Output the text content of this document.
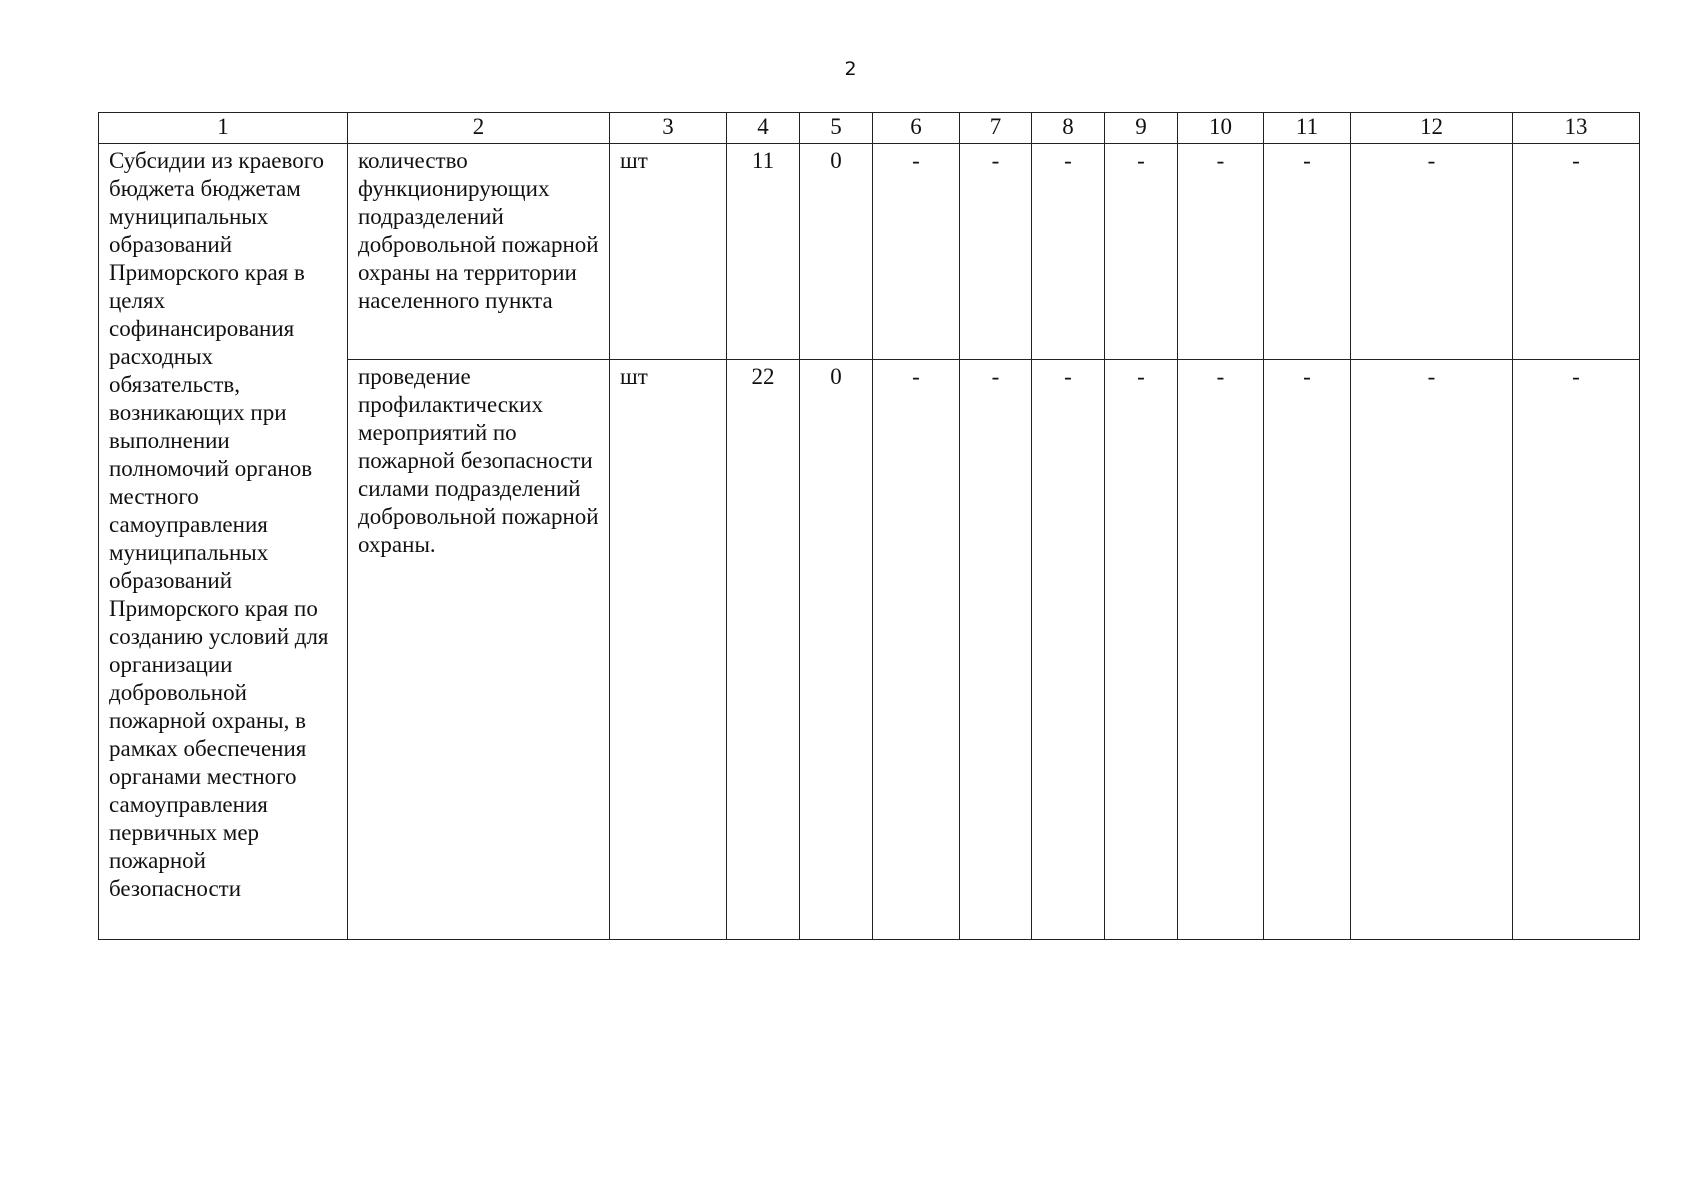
2
1	2	3	4	5	6	7	8	9	10	11	12	13
Субсидии из краевого бюджета бюджетам муниципальных образований Приморского края в целях софинансирования расходных обязательств, возникающих при выполнении полномочий органов местного самоуправления муниципальных образований Приморского края по созданию условий для организации добровольной пожарной охраны, в рамках обеспечения органами местного самоуправления первичных мер пожарной безопасности	количество функционирующих подразделений добровольной пожарной охраны на территории населенного пункта	шт	11	0	-	-	-	-	-	-	-	-
	проведение профилактических мероприятий по пожарной безопасности силами подразделений добровольной пожарной охраны.	шт	22	0	-	-	-	-	-	-	-	-
